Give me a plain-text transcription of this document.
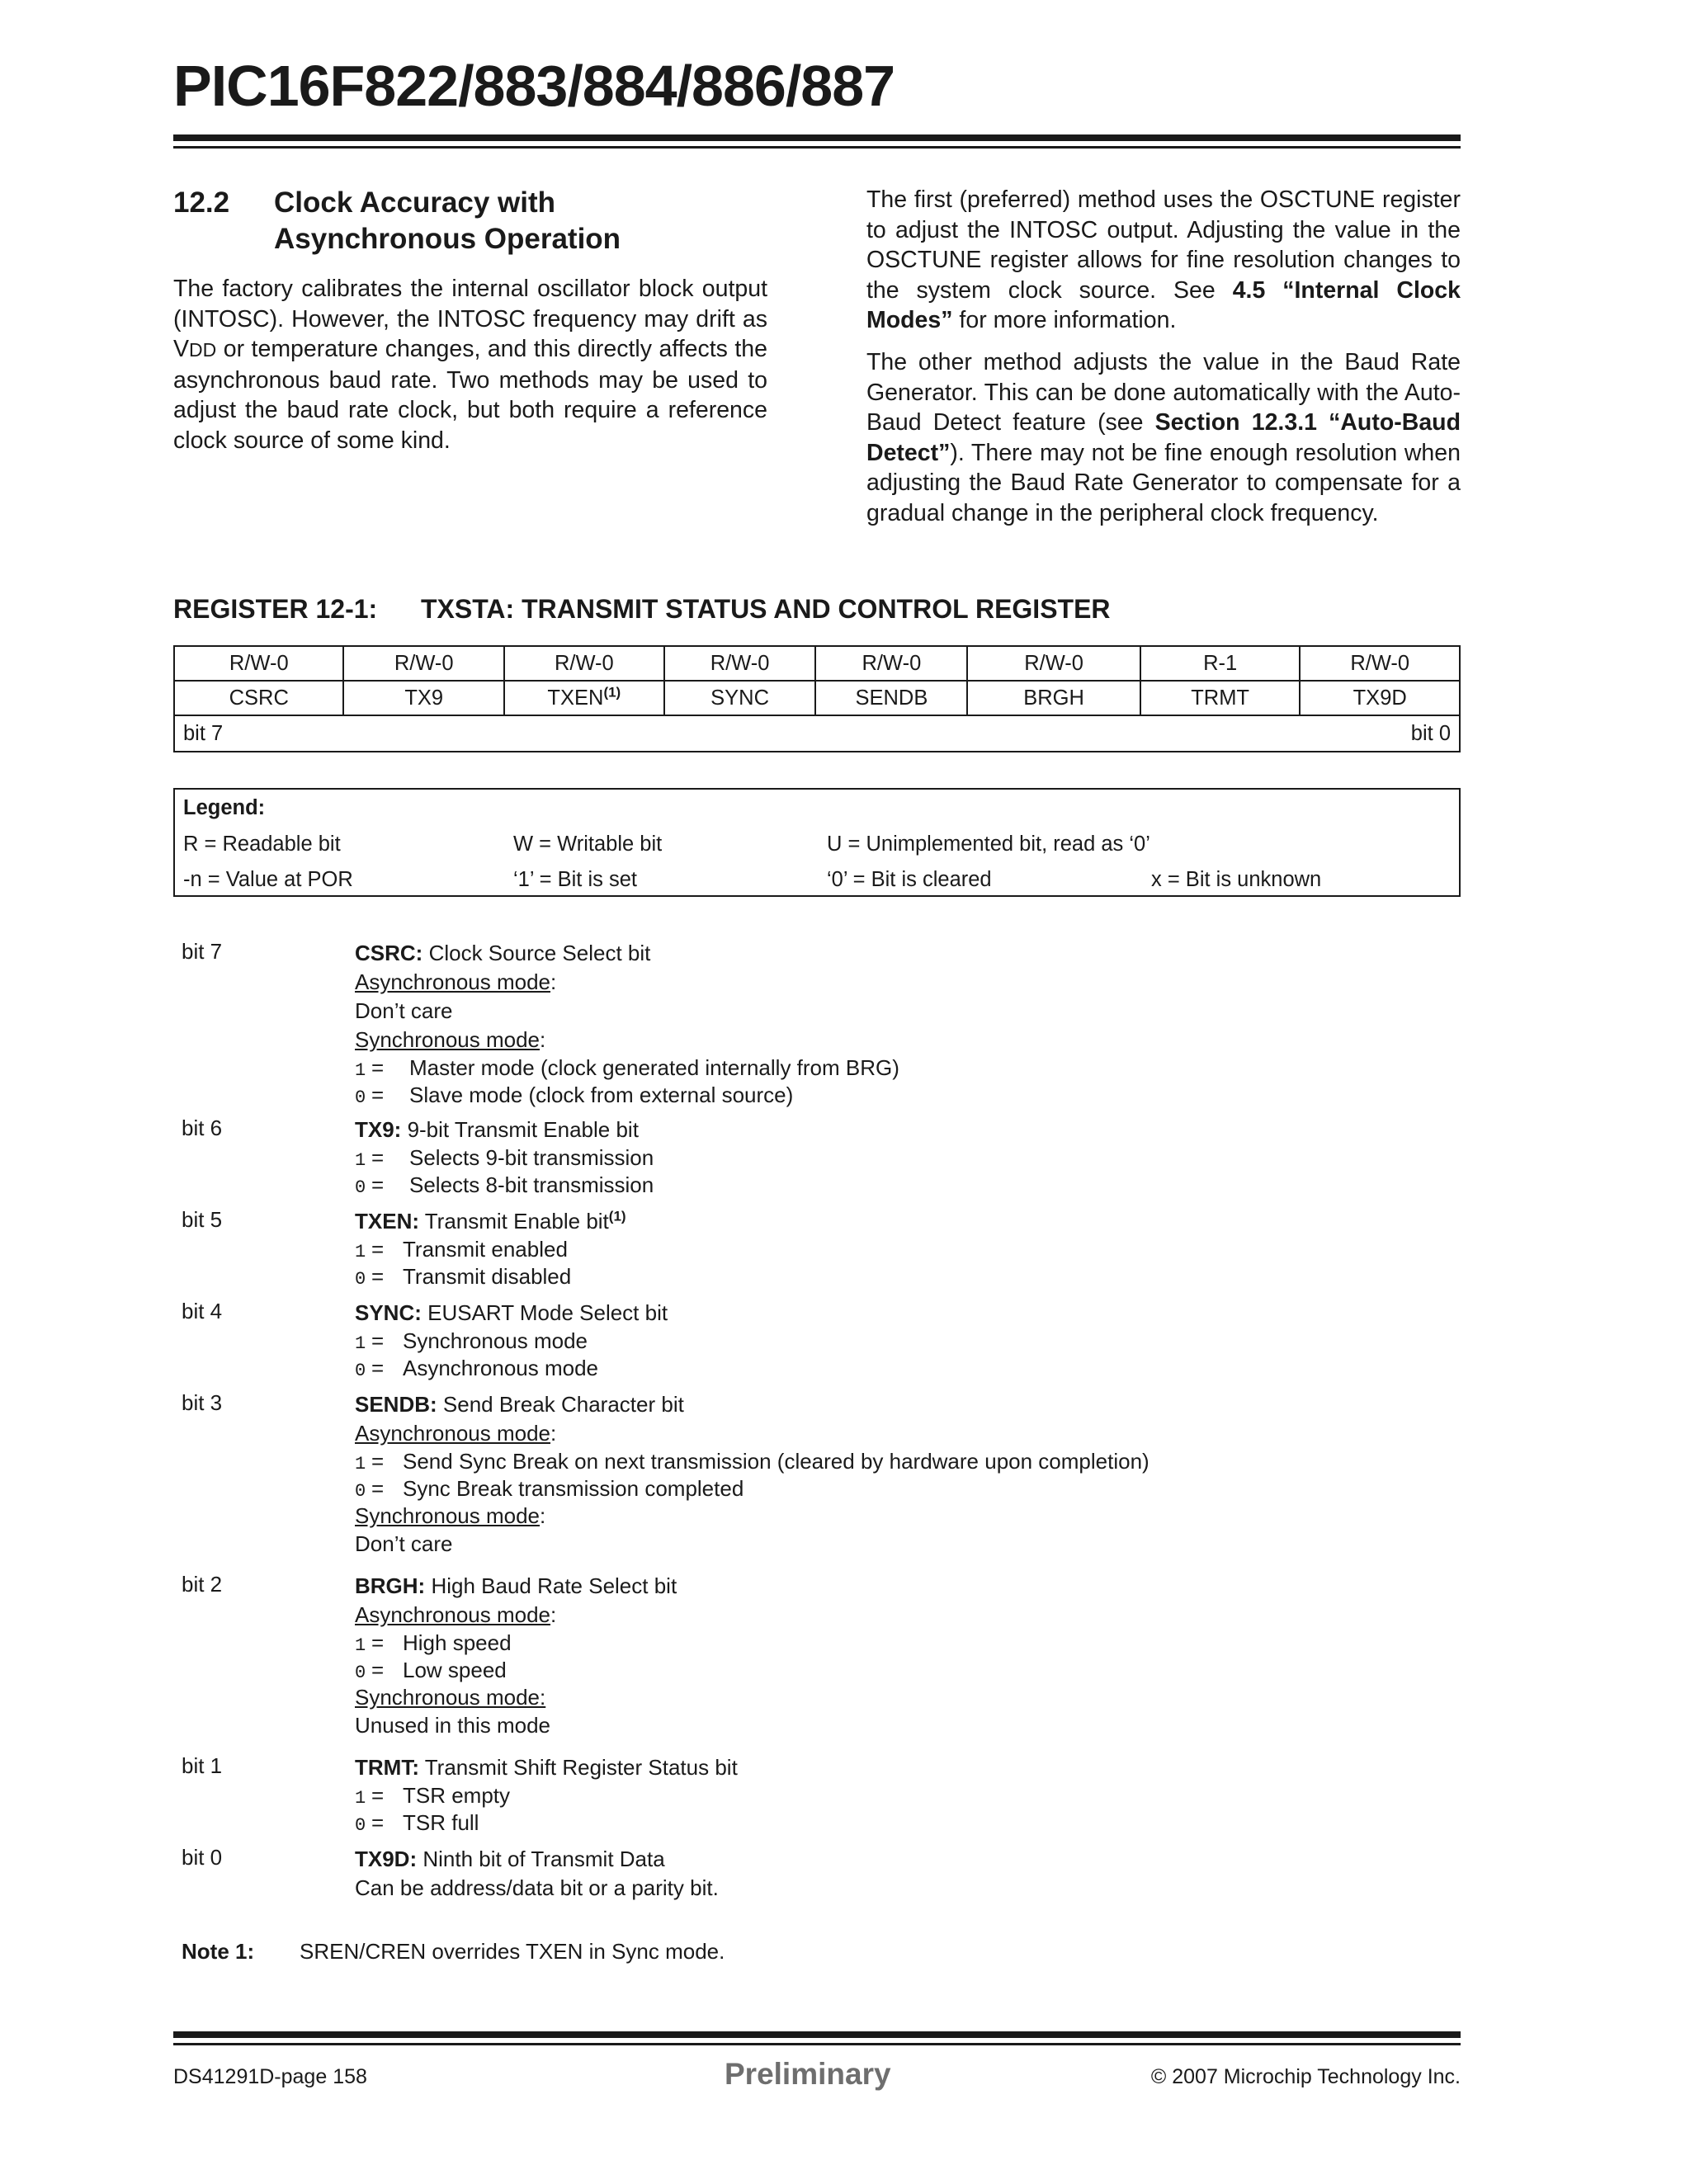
PIC16F822/883/884/886/887
12.2	Clock Accuracy with
Asynchronous Operation

The factory calibrates the internal oscillator block output (INTOSC). However, the INTOSC frequency may drift as VDD or temperature changes, and this directly affects the asynchronous baud rate. Two methods may be used to adjust the baud rate clock, but both require a reference clock source of some kind.

The first (preferred) method uses the OSCTUNE register to adjust the INTOSC output. Adjusting the value in the OSCTUNE register allows for fine resolution changes to the system clock source. See 4.5 “Internal Clock Modes” for more information.

The other method adjusts the value in the Baud Rate Generator. This can be done automatically with the Auto-Baud Detect feature (see Section 12.3.1 “Auto-Baud Detect”). There may not be fine enough resolution when adjusting the Baud Rate Generator to compensate for a gradual change in the peripheral clock frequency.

REGISTER 12-1:	TXSTA: TRANSMIT STATUS AND CONTROL REGISTER
R/W-0	R/W-0	R/W-0	R/W-0	R/W-0	R/W-0	R-1	R/W-0
CSRC	TX9	TXEN$^{(1)}$	SYNC	SENDB	BRGH	TRMT	TX9D

bit 7 bit 0							
Legend:
R = Readable bit	W = Writable bit	U = Unimplemented bit, read as ‘0’
-n = Value at POR	‘1’ = Bit is set	‘0’ = Bit is cleared	x = Bit is unknown
bit 7	CSRC: Clock Source Select bit
Asynchronous mode:
Don’t care
Synchronous mode:
1 = Master mode (clock generated internally from BRG)
0 = Slave mode (clock from external source)
bit 6	TX9: 9-bit Transmit Enable bit
1 = Selects 9-bit transmission
0 = Selects 8-bit transmission
bit 5	TXEN: Transmit Enable bit$^{(1)}$
1 = Transmit enabled
0 = Transmit disabled
bit 4	SYNC: EUSART Mode Select bit
1 = Synchronous mode
0 = Asynchronous mode
bit 3	SENDB: Send Break Character bit
Asynchronous mode:
1 = Send Sync Break on next transmission (cleared by hardware upon completion)
0 = Sync Break transmission completed
Synchronous mode:
Don’t care
bit 2	BRGH: High Baud Rate Select bit
Asynchronous mode:
1 = High speed
0 = Low speed
Synchronous mode:
Unused in this mode
bit 1	TRMT: Transmit Shift Register Status bit
1 = TSR empty
0 = TSR full
bit 0	TX9D: Ninth bit of Transmit Data
Can be address/data bit or a parity bit.
Note 1:	SREN/CREN overrides TXEN in Sync mode.
DS41291D-page 158	Preliminary	© 2007 Microchip Technology Inc.
